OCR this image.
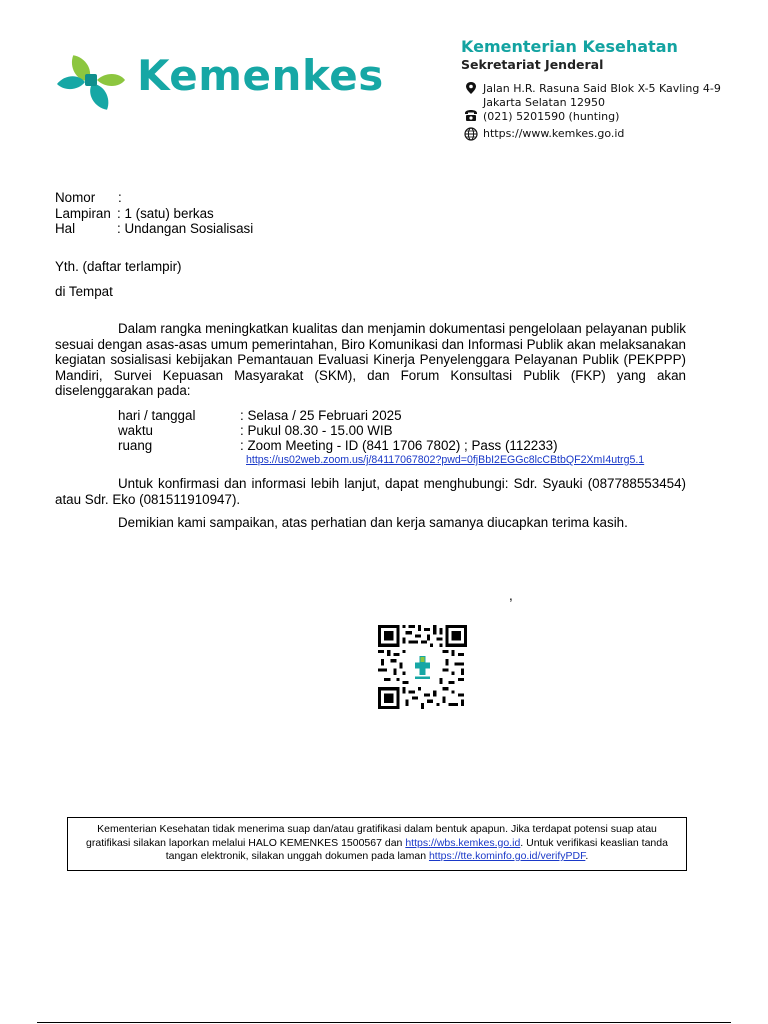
Kemenkes
Kementerian Kesehatan
Sekretariat Jenderal
Jalan H.R. Rasuna Said Blok X-5 Kavling 4-9
Jakarta Selatan 12950
(021) 5201590 (hunting)
https://www.kemkes.go.id
Nomor	:
Lampiran : 1 (satu) berkas
Hal	: Undangan Sosialisasi
Yth. (daftar terlampir)
di Tempat
Dalam rangka meningkatkan kualitas dan menjamin dokumentasi pengelolaan pelayanan publik sesuai dengan asas-asas umum pemerintahan, Biro Komunikasi dan Informasi Publik akan melaksanakan kegiatan sosialisasi kebijakan Pemantauan Evaluasi Kinerja Penyelenggara Pelayanan Publik (PEKPPP) Mandiri, Survei Kepuasan Masyarakat (SKM), dan Forum Konsultasi Publik (FKP) yang akan diselenggarakan pada:
hari / tanggal	: Selasa / 25 Februari 2025
waktu	: Pukul 08.30 - 15.00 WIB
ruang	: Zoom Meeting - ID (841 1706 7802) ; Pass (112233)
https://us02web.zoom.us/j/84117067802?pwd=0fjBbI2EGGc8lcCBtbQF2XmI4utrg5.1
Untuk konfirmasi dan informasi lebih lanjut, dapat menghubungi: Sdr. Syauki (087788553454) atau Sdr. Eko (081511910947).
Demikian kami sampaikan, atas perhatian dan kerja samanya diucapkan terima kasih.
,
Kementerian Kesehatan tidak menerima suap dan/atau gratifikasi dalam bentuk apapun. Jika terdapat potensi suap atau gratifikasi silakan laporkan melalui HALO KEMENKES 1500567 dan https://wbs.kemkes.go.id. Untuk verifikasi keaslian tanda tangan elektronik, silakan unggah dokumen pada laman https://tte.kominfo.go.id/verifyPDF.
